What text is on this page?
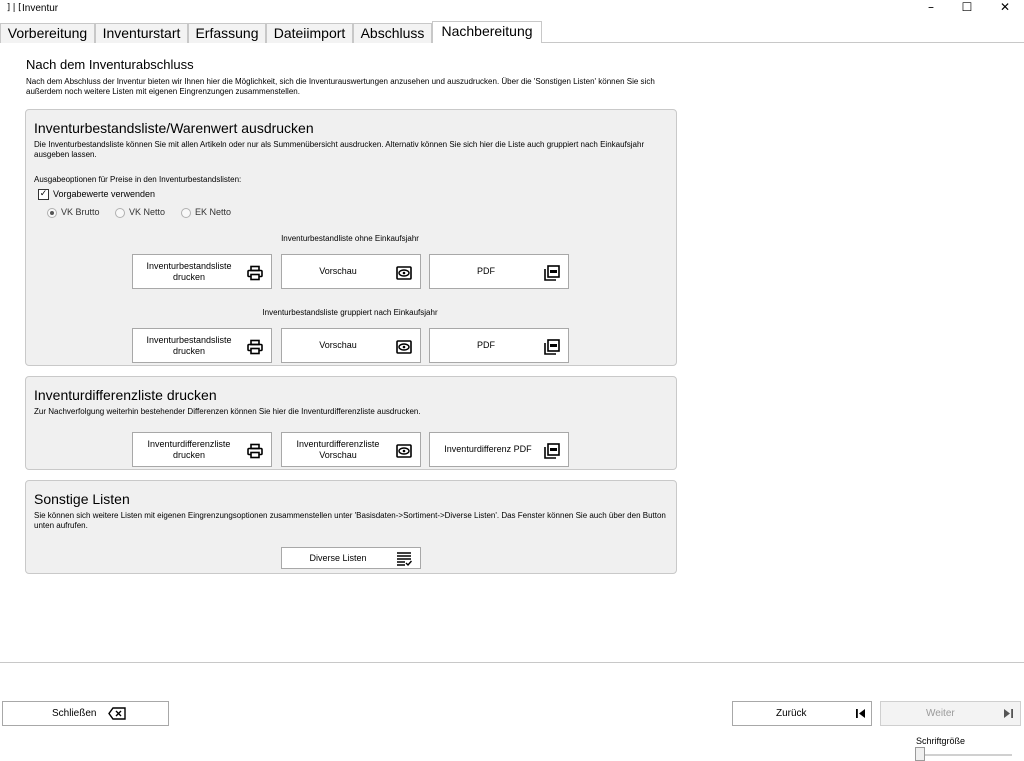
]|[ Inventur	–	☐	✕
Vorbereitung	Inventurstart	Erfassung	Dateiimport	Abschluss	Nachbereitung
Nach dem Inventurabschluss
Nach dem Abschluss der Inventur bieten wir Ihnen hier die Möglichkeit, sich die Inventurauswertungen anzusehen und auszudrucken. Über die 'Sonstigen Listen' können Sie sich außerdem noch weitere Listen mit eigenen Eingrenzungen zusammenstellen.
Inventurbestandsliste/Warenwert ausdrucken
Die Inventurbestandsliste können Sie mit allen Artikeln oder nur als Summenübersicht ausdrucken. Alternativ können Sie sich hier die Liste auch gruppiert nach Einkaufsjahr ausgeben lassen.
Ausgabeoptionen für Preise in den Inventurbestandslisten:
✓ Vorgabewerte verwenden
VK Brutto	VK Netto	EK Netto
Inventurbestandliste ohne Einkaufsjahr
Inventurbestandsliste drucken
Vorschau	PDF
Inventurbestandsliste gruppiert nach Einkaufsjahr
Inventurbestandsliste drucken
Vorschau	PDF
Inventurdifferenzliste drucken
Zur Nachverfolgung weiterhin bestehender Differenzen können Sie hier die Inventurdifferenzliste ausdrucken.
Inventurdifferenzliste drucken
Inventurdifferenzliste Vorschau
Inventurdifferenz PDF
Sonstige Listen
Sie können sich weitere Listen mit eigenen Eingrenzungsoptionen zusammenstellen unter 'Basisdaten->Sortiment->Diverse Listen'. Das Fenster können Sie auch über den Button unten aufrufen.
Diverse Listen
Schließen	Zurück	Weiter
Schriftgröße
